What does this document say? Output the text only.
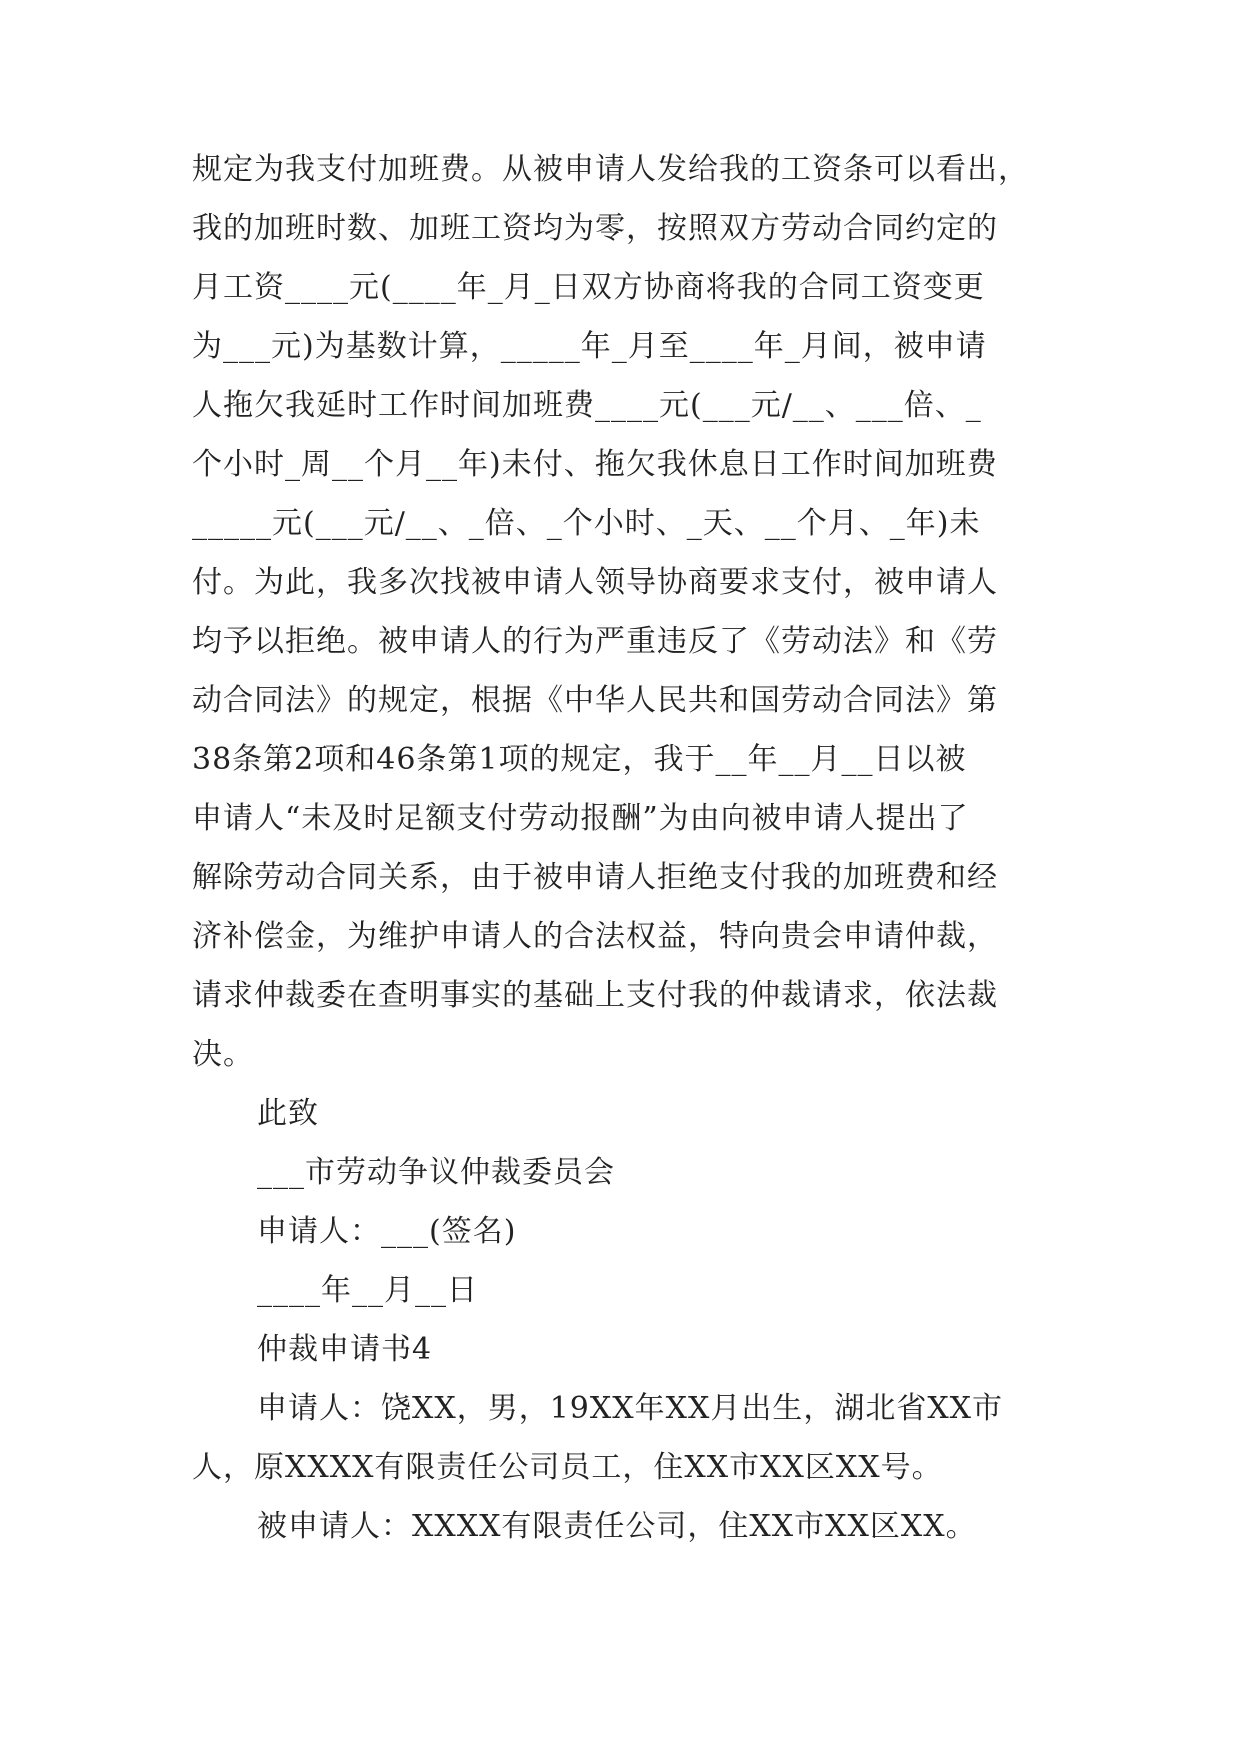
规定为我支付加班费。从被申请人发给我的工资条可以看出，
我的加班时数、加班工资均为零，按照双方劳动合同约定的
月工资____元(____年_月_日双方协商将我的合同工资变更
为___元)为基数计算，_____年_月至____年_月间，被申请
人拖欠我延时工作时间加班费____元(___元/__、___倍、_
个小时_周__个月__年)未付、拖欠我休息日工作时间加班费
_____元(___元/__、_倍、_个小时、_天、__个月、_年)未
付。为此，我多次找被申请人领导协商要求支付，被申请人
均予以拒绝。被申请人的行为严重违反了《劳动法》和《劳
动合同法》的规定，根据《中华人民共和国劳动合同法》第
38条第2项和46条第1项的规定，我于__年__月__日以被
申请人“未及时足额支付劳动报酬”为由向被申请人提出了
解除劳动合同关系，由于被申请人拒绝支付我的加班费和经
济补偿金，为维护申请人的合法权益，特向贵会申请仲裁，
请求仲裁委在查明事实的基础上支付我的仲裁请求，依法裁
决。
此致
___市劳动争议仲裁委员会
申请人：___(签名)
____年__月__日
仲裁申请书4
申请人：饶XX，男，19XX年XX月出生，湖北省XX市
人，原XXXX有限责任公司员工，住XX市XX区XX号。
被申请人：XXXX有限责任公司，住XX市XX区XX。
